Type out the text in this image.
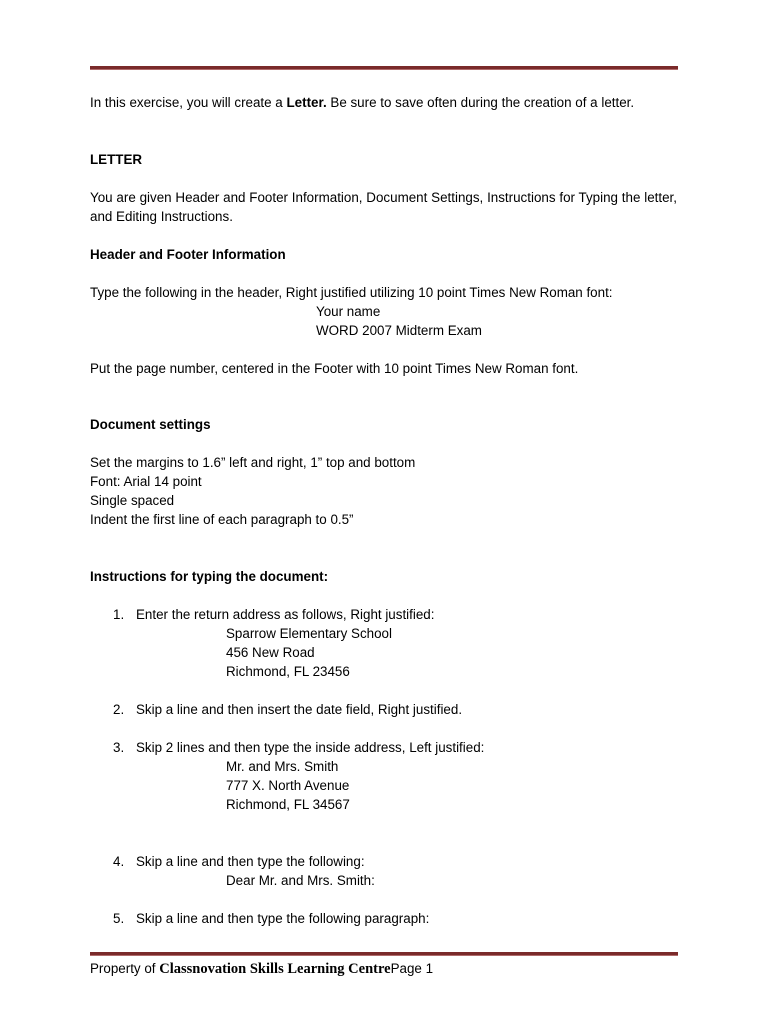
In this exercise, you will create a Letter. Be sure to save often during the creation of a letter.
LETTER
You are given Header and Footer Information, Document Settings, Instructions for Typing the letter, and Editing Instructions.
Header and Footer Information
Type the following in the header, Right justified utilizing 10 point Times New Roman font:
Your name
WORD 2007 Midterm Exam
Put the page number, centered in the Footer with 10 point Times New Roman font.
Document settings
Set the margins to 1.6” left and right, 1” top and bottom
Font: Arial 14 point
Single spaced
Indent the first line of each paragraph to 0.5”
Instructions for typing the document:
1. Enter the return address as follows, Right justified:
Sparrow Elementary School
456 New Road
Richmond, FL 23456
2. Skip a line and then insert the date field, Right justified.
3. Skip 2 lines and then type the inside address, Left justified:
Mr. and Mrs. Smith
777 X. North Avenue
Richmond, FL 34567
4. Skip a line and then type the following:
Dear Mr. and Mrs. Smith:
5. Skip a line and then type the following paragraph:
Property of Classnovation Skills Learning CentrePage 1
